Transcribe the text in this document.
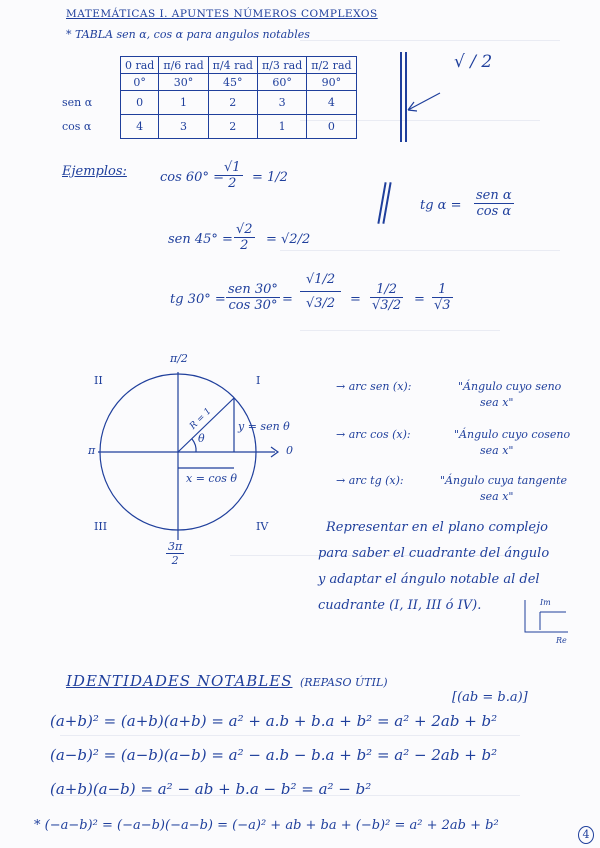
MATEMÁTICAS I. APUNTES NÚMEROS COMPLEXOS
* TABLA sen α, cos α para angulos notables
	0 rad	π/6 rad	π/4 rad	π/3 rad	π/2 rad
	0°	30°	45°	60°	90°
sen α	0	1	2	3	4
cos α	4	3	2	1	0
√ / 2
Ejemplos:	cos 60° =
$\frac{√1}{2} = 1/2$
sen $45^\circ = \frac{√2}{2} = √2/2$
tg α =
sen α
cos α
tg 30° =
sen 30°
$\cos 30^\circ = \frac{√1/2}{√3/2} = \frac{1/2}{√3/2} = \frac{1}{√3}$
π/2
π	0
$\frac{3\pi}{2}$
I
II
III	IV
R = 1
θ
y = sen θ
x = cos θ
→ arc sen (x):	"Ángulo cuyo seno
sea x"
→ arc cos (x):	"Ángulo cuyo coseno
sea x"
→ arc tg (x):	"Ángulo cuya tangente
sea x"
Representar en el plano complejo
para saber el cuadrante del ángulo
y adaptar el ángulo notable al del
cuadrante (I, II, III ó IV).	Im
Re
IDENTIDADES NOTABLES (REPASO ÚTIL)
[(ab = b.a)]
(a+b)² = (a+b)(a+b) = a² + a.b + b.a + b² = a² + 2ab + b²
(a−b)² = (a−b)(a−b) = a² − a.b − b.a + b² = a² − 2ab + b²
(a+b)(a−b) = a² − ab + b.a − b² = a² − b²
* (−a−b)² = (−a−b)(−a−b) = (−a)² + ab + ba + (−b)² = a² + 2ab + b²
4
